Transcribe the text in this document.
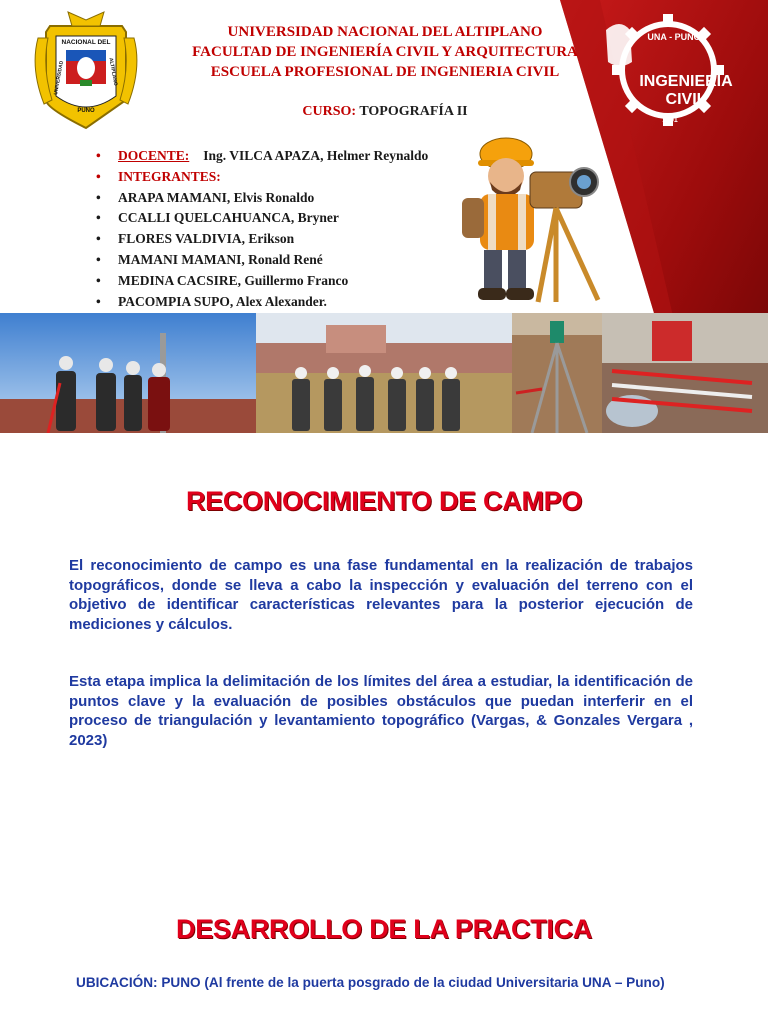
NACIONAL DEL
PUNO
UNIVERSIDAD	ALTIPLANO
UNA - PUNO
INGENIERIA
CIVIL
1991
UNIVERSIDAD NACIONAL DEL ALTIPLANO
FACULTAD DE INGENIERÍA CIVIL Y ARQUITECTURA
ESCUELA PROFESIONAL DE INGENIERIA CIVIL
CURSO: TOPOGRAFÍA II
•	DOCENTE: Ing. VILCA APAZA, Helmer Reynaldo
•	INTEGRANTES:
•	ARAPA MAMANI, Elvis Ronaldo
•	CCALLI QUELCAHUANCA, Bryner
•	FLORES VALDIVIA, Erikson
•	MAMANI MAMANI, Ronald René
•	MEDINA CACSIRE, Guillermo Franco
•	PACOMPIA SUPO, Alex Alexander.
RECONOCIMIENTO DE CAMPO

El reconocimiento de campo es una fase fundamental en la realización de trabajos topográficos, donde se lleva a cabo la inspección y evaluación del terreno con el objetivo de identificar características relevantes para la posterior ejecución de mediciones y cálculos.

Esta etapa implica la delimitación de los límites del área a estudiar, la identificación de puntos clave y la evaluación de posibles obstáculos que puedan interferir en el proceso de triangulación y levantamiento topográfico (Vargas, & Gonzales Vergara , 2023)

DESARROLLO DE LA PRACTICA
UBICACIÓN: PUNO (Al frente de la puerta posgrado de la ciudad Universitaria UNA – Puno)
